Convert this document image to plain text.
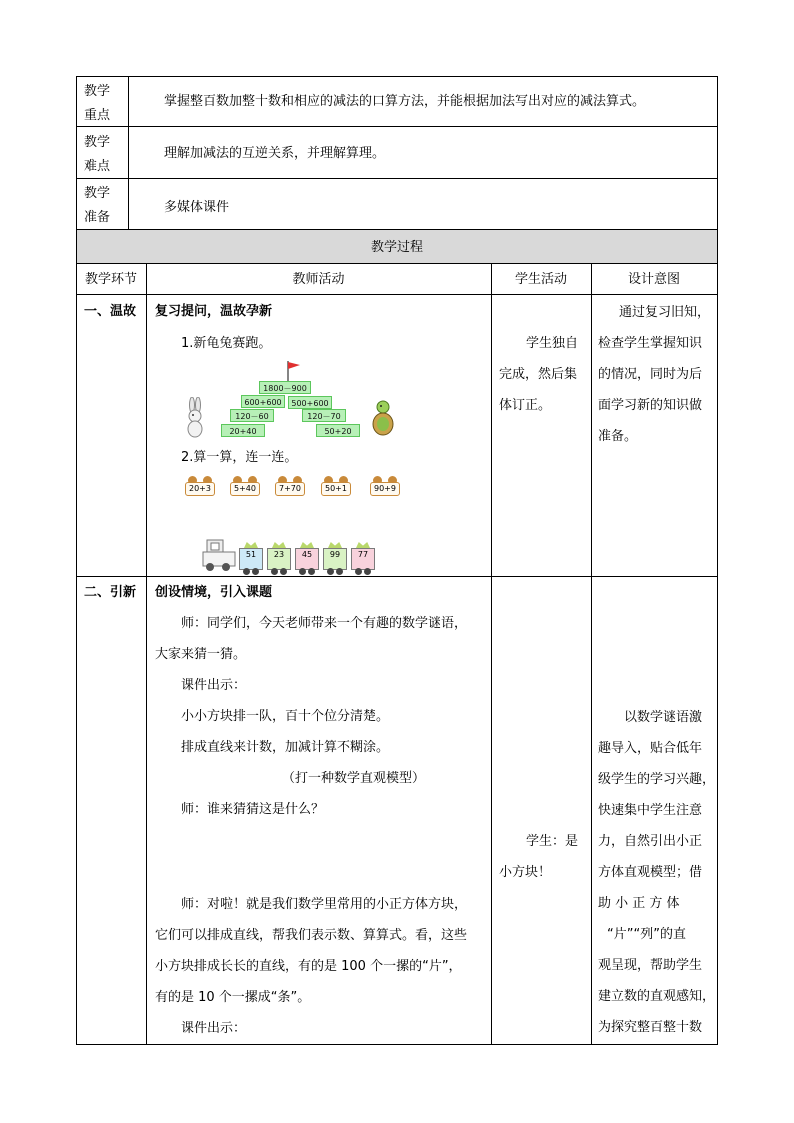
教学
重点
掌握整百数加整十数和相应的减法的口算方法，并能根据加法写出对应的减法算式。
教学
难点
理解加减法的互逆关系，并理解算理。
教学
准备
多媒体课件
教学过程
教学环节	教师活动	学生活动	设计意图
一、温故 复习提问，温故孕新
1.新龟兔赛跑。
1800－900
600+600	500+600
120－60	120－70
20+40	50+20
2.算一算，连一连。
20+3	5+40	7+70	50+1	90+9
51	23	45	99	77
学生独自
完成，然后集
体订正。
通过复习旧知，
检查学生掌握知识
的情况，同时为后
面学习新的知识做
准备。
二、引新 创设情境，引入课题
师：同学们，今天老师带来一个有趣的数学谜语，
大家来猜一猜。
课件出示：
小小方块排一队，百十个位分清楚。
排成直线来计数，加减计算不糊涂。
（打一种数学直观模型）
师：谁来猜猜这是什么？
师：对啦！就是我们数学里常用的小正方体方块，
它们可以排成直线，帮我们表示数、算算式。看，这些
小方块排成长长的直线，有的是 100 个一摞的“片”，
有的是 10 个一摞成“条”。
课件出示：
学生：是
小方块！
以数学谜语激
趣导入，贴合低年
级学生的学习兴趣，
快速集中学生注意
力，自然引出小正
方体直观模型；借
助 小 正 方 体
“片”“列”的直
观呈现，帮助学生
建立数的直观感知，
为探究整百整十数
